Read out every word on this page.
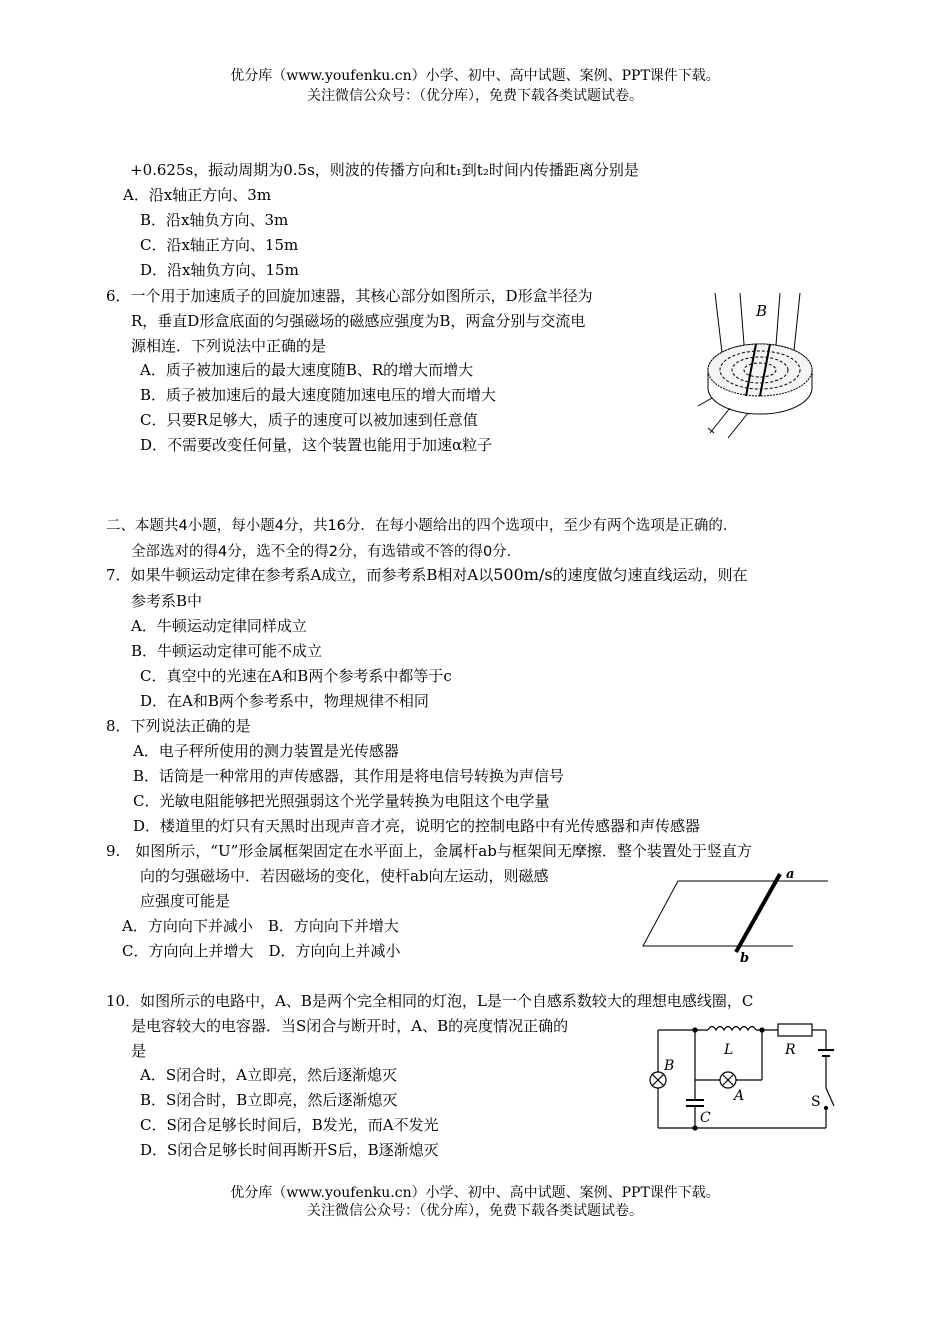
优分库（www.youfenku.cn）小学、初中、高中试题、案例、PPT课件下载。
关注微信公众号：（优分库），免费下载各类试题试卷。
+0.625s，振动周期为0.5s，则波的传播方向和t₁到t₂时间内传播距离分别是
A．沿x轴正方向、3m
B．沿x轴负方向、3m
C．沿x轴正方向、15m
D．沿x轴负方向、15m
6．一个用于加速质子的回旋加速器，其核心部分如图所示，D形盒半径为
R，垂直D形盒底面的匀强磁场的磁感应强度为B，两盒分别与交流电
源相连．下列说法中正确的是
A．质子被加速后的最大速度随B、R的增大而增大
B．质子被加速后的最大速度随加速电压的增大而增大
C．只要R足够大，质子的速度可以被加速到任意值
D．不需要改变任何量，这个装置也能用于加速α粒子
B
二、本题共4小题，每小题4分，共16分．在每小题给出的四个选项中，至少有两个选项是正确的．
全部选对的得4分，选不全的得2分，有选错或不答的得0分．
7．如果牛顿运动定律在参考系A成立，而参考系B相对A以500m/s的速度做匀速直线运动，则在
参考系B中
A．牛顿运动定律同样成立
B．牛顿运动定律可能不成立
C．真空中的光速在A和B两个参考系中都等于c
D．在A和B两个参考系中，物理规律不相同
8．下列说法正确的是
A．电子秤所使用的测力装置是光传感器
B．话筒是一种常用的声传感器，其作用是将电信号转换为声信号
C．光敏电阻能够把光照强弱这个光学量转换为电阻这个电学量
D．楼道里的灯只有天黑时出现声音才亮，说明它的控制电路中有光传感器和声传感器
9.　如图所示，“U”形金属框架固定在水平面上，金属杆ab与框架间无摩擦．整个装置处于竖直方
向的匀强磁场中．若因磁场的变化，使杆ab向左运动，则磁感
应强度可能是
A．方向向下并减小　B．方向向下并增大
C．方向向上并增大　D．方向向上并减小
a
b
10．如图所示的电路中，A、B是两个完全相同的灯泡，L是一个自感系数较大的理想电感线圈，C
是电容较大的电容器．当S闭合与断开时，A、B的亮度情况正确的
是
A．S闭合时，A立即亮，然后逐渐熄灭
B．S闭合时，B立即亮，然后逐渐熄灭
C．S闭合足够长时间后，B发光，而A不发光
D．S闭合足够长时间再断开S后，B逐渐熄灭
L	R
B
A
C
S
优分库（www.youfenku.cn）小学、初中、高中试题、案例、PPT课件下载。
关注微信公众号：（优分库），免费下载各类试题试卷。
